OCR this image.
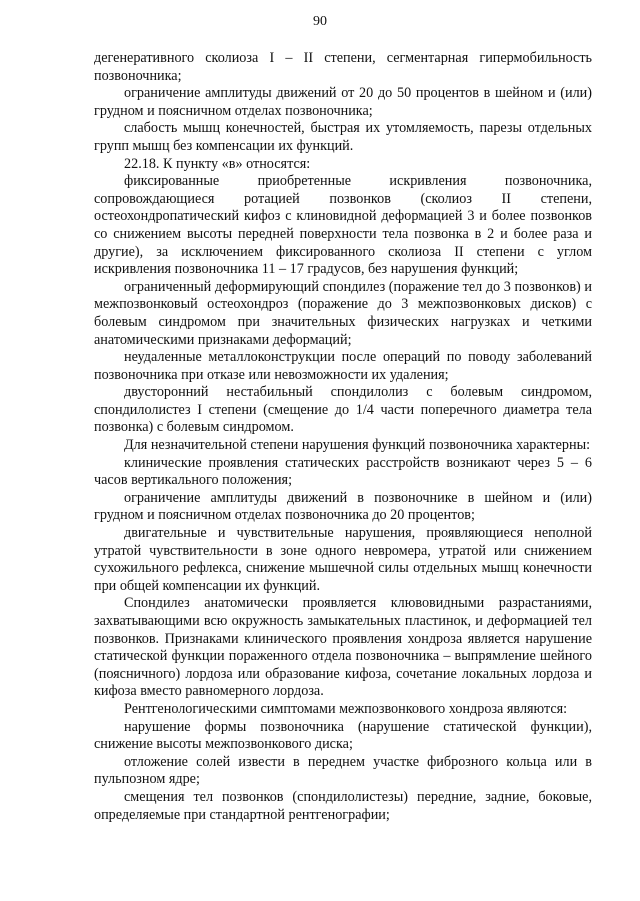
90

дегенеративного сколиоза I – II степени, сегментарная гипермобильность позвоночника;

ограничение амплитуды движений от 20 до 50 процентов в шейном и (или) грудном и поясничном отделах позвоночника;

слабость мышц конечностей, быстрая их утомляемость, парезы отдельных групп мышц без компенсации их функций.

22.18. К пункту «в» относятся:

фиксированные приобретенные искривления позвоночника, сопровождающиеся ротацией позвонков (сколиоз II степени, остеохондропатический кифоз с клиновидной деформацией 3 и более позвонков со снижением высоты передней поверхности тела позвонка в 2 и более раза и другие), за исключением фиксированного сколиоза II степени с углом искривления позвоночника 11 – 17 градусов, без нарушения функций;

ограниченный деформирующий спондилез (поражение тел до 3 позвонков) и межпозвонковый остеохондроз (поражение до 3 межпозвонковых дисков) с болевым синдромом при значительных физических нагрузках и четкими анатомическими признаками деформаций;

неудаленные металлоконструкции после операций по поводу заболеваний позвоночника при отказе или невозможности их удаления;

двусторонний нестабильный спондилолиз с болевым синдромом, спондилолистез I степени (смещение до 1/4 части поперечного диаметра тела позвонка) с болевым синдромом.

Для незначительной степени нарушения функций позвоночника характерны:

клинические проявления статических расстройств возникают через 5 – 6 часов вертикального положения;

ограничение амплитуды движений в позвоночнике в шейном и (или) грудном и поясничном отделах позвоночника до 20 процентов;

двигательные и чувствительные нарушения, проявляющиеся неполной утратой чувствительности в зоне одного невромера, утратой или снижением сухожильного рефлекса, снижение мышечной силы отдельных мышц конечности при общей компенсации их функций.

Спондилез анатомически проявляется клювовидными разрастаниями, захватывающими всю окружность замыкательных пластинок, и деформацией тел позвонков. Признаками клинического проявления хондроза является нарушение статической функции пораженного отдела позвоночника – выпрямление шейного (поясничного) лордоза или образование кифоза, сочетание локальных лордоза и кифоза вместо равномерного лордоза.

Рентгенологическими симптомами межпозвонкового хондроза являются:

нарушение формы позвоночника (нарушение статической функции), снижение высоты межпозвонкового диска;

отложение солей извести в переднем участке фиброзного кольца или в пульпозном ядре;

смещения тел позвонков (спондилолистезы) передние, задние, боковые, определяемые при стандартной рентгенографии;
